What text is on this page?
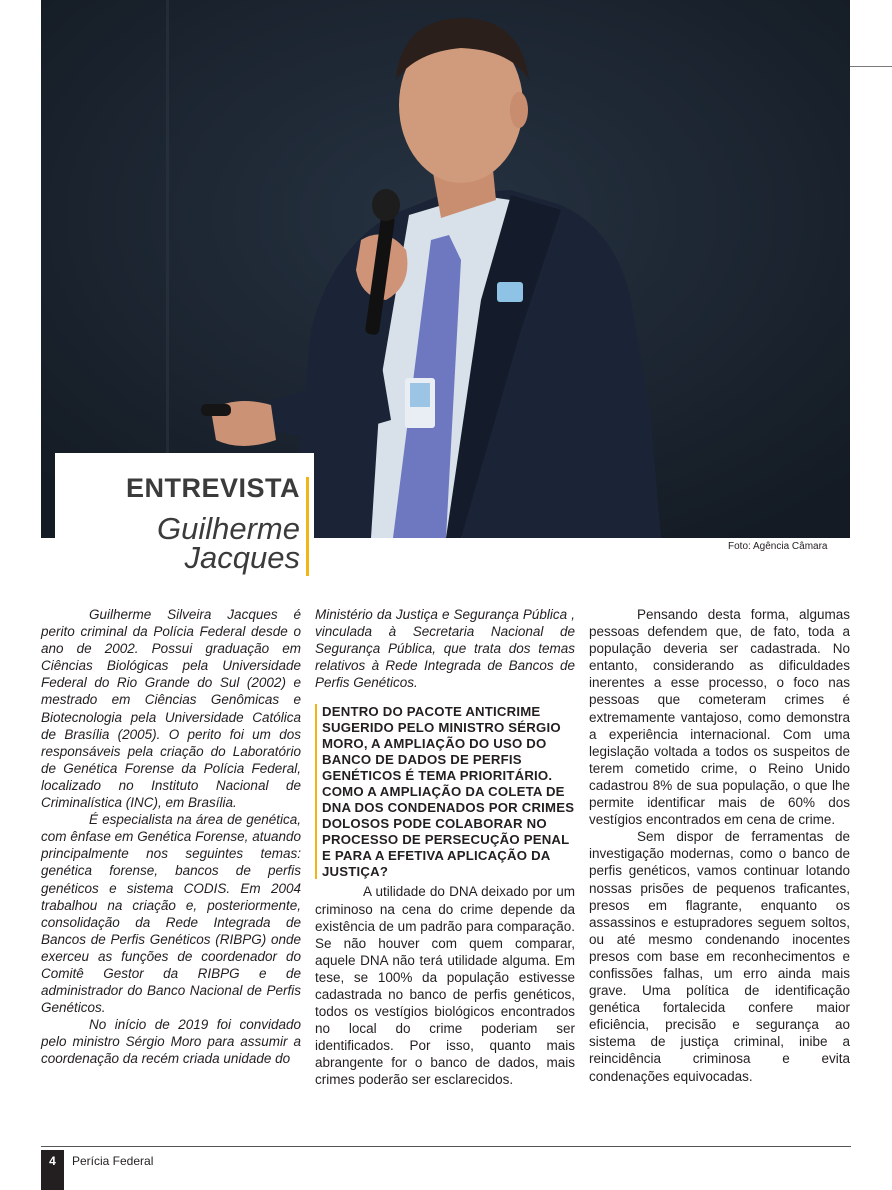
Foto: Agência Câmara
ENTREVISTA
Guilherme
Jacques

Guilherme Silveira Jacques é perito criminal da Polícia Federal desde o ano de 2002. Possui graduação em Ciências Biológicas pela Universidade Federal do Rio Grande do Sul (2002) e mestrado em Ciências Genômicas e Biotecnologia pela Universidade Católica de Brasília (2005). O perito foi um dos responsáveis pela criação do Laboratório de Genética Forense da Polícia Federal, localizado no Instituto Nacional de Criminalística (INC), em Brasília.

É especialista na área de genética, com ênfase em Genética Forense, atuando principalmente nos seguintes temas: genética forense, bancos de perfis genéticos e sistema CODIS. Em 2004 trabalhou na criação e, posteriormente, consolidação da Rede Integrada de Bancos de Perfis Genéticos (RIBPG) onde exerceu as funções de coordenador do Comitê Gestor da RIBPG e de administrador do Banco Nacional de Perfis Genéticos.

No início de 2019 foi convidado pelo ministro Sérgio Moro para assumir a coordenação da recém criada unidade do

Ministério da Justiça e Segurança Pública , vinculada à Secretaria Nacional de Segurança Pública, que trata dos temas relativos à Rede Integrada de Bancos de Perfis Genéticos.

DENTRO DO PACOTE ANTICRIME SUGERIDO PELO MINISTRO SÉRGIO MORO, A AMPLIAÇÃO DO USO DO BANCO DE DADOS DE PERFIS GENÉTICOS É TEMA PRIORITÁRIO. COMO A AMPLIAÇÃO DA COLETA DE DNA DOS CONDENADOS POR CRIMES DOLOSOS PODE COLABORAR NO PROCESSO DE PERSECUÇÃO PENAL E PARA A EFETIVA APLICAÇÃO DA JUSTIÇA?

A utilidade do DNA deixado por um criminoso na cena do crime depende da existência de um padrão para comparação. Se não houver com quem comparar, aquele DNA não terá utilidade alguma. Em tese, se 100% da população estivesse cadastrada no banco de perfis genéticos, todos os vestígios biológicos encontrados no local do crime poderiam ser identificados. Por isso, quanto mais abrangente for o banco de dados, mais crimes poderão ser esclarecidos.

Pensando desta forma, algumas pessoas defendem que, de fato, toda a população deveria ser cadastrada. No entanto, considerando as dificuldades inerentes a esse processo, o foco nas pessoas que cometeram crimes é extremamente vantajoso, como demonstra a experiência internacional. Com uma legislação voltada a todos os suspeitos de terem cometido crime, o Reino Unido cadastrou 8% de sua população, o que lhe permite identificar mais de 60% dos vestígios encontrados em cena de crime.

Sem dispor de ferramentas de investigação modernas, como o banco de perfis genéticos, vamos continuar lotando nossas prisões de pequenos traficantes, presos em flagrante, enquanto os assassinos e estupradores seguem soltos, ou até mesmo condenando inocentes presos com base em reconhecimentos e confissões falhas, um erro ainda mais grave. Uma política de identificação genética fortalecida confere maior eficiência, precisão e segurança ao sistema de justiça criminal, inibe a reincidência criminosa e evita condenações equivocadas.

4	Perícia Federal
